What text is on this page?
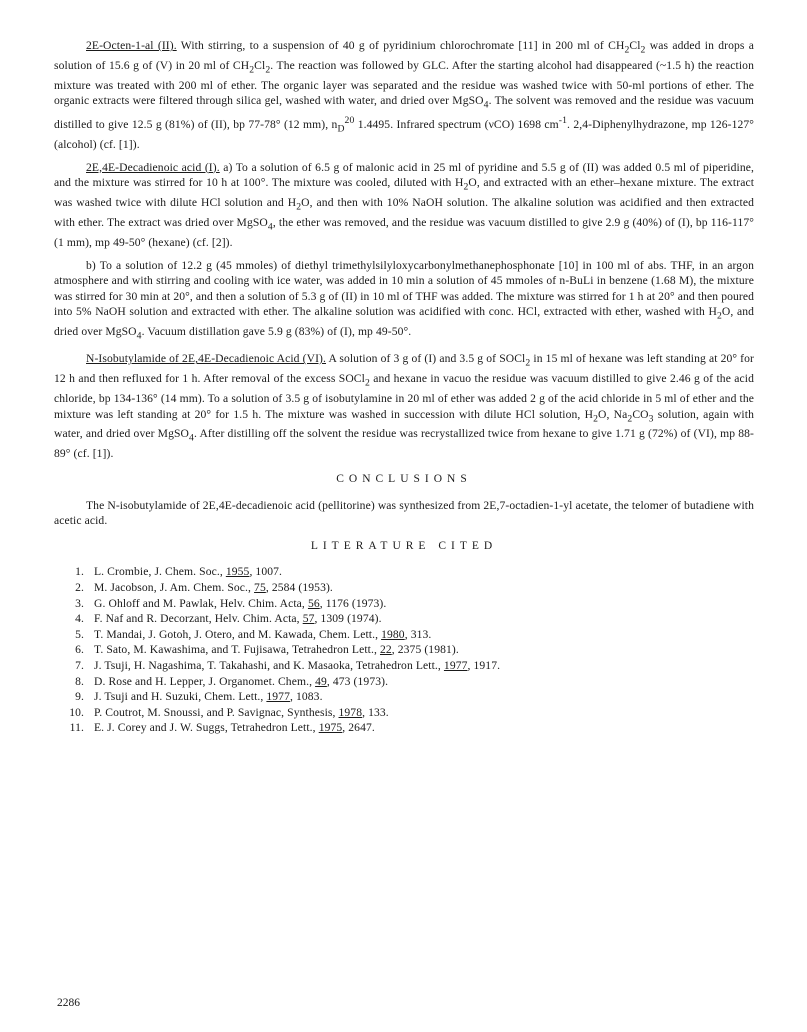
2E-Octen-1-al (II). With stirring, to a suspension of 40 g of pyridinium chlorochromate [11] in 200 ml of $CH_2Cl_2$ was added in drops a solution of 15.6 g of (V) in 20 ml of $CH_2Cl_2$. The reaction was followed by GLC. After the starting alcohol had disappeared (~1.5 h) the reaction mixture was treated with 200 ml of ether. The organic layer was separated and the residue was washed twice with 50-ml portions of ether. The organic extracts were filtered through silica gel, washed with water, and dried over MgSO$_4$. The solvent was removed and the residue was vacuum distilled to give 12.5 g (81%) of (II), bp 77-78° (12 mm), $n_D^{20}$ 1.4495. Infrared spectrum (νCO) 1698 $cm^{-1}$. 2,4-Diphenylhydrazone, mp 126-127° (alcohol) (cf. [1]).

2E,4E-Decadienoic acid (I). a) To a solution of 6.5 g of malonic acid in 25 ml of pyridine and 5.5 g of (II) was added 0.5 ml of piperidine, and the mixture was stirred for 10 h at 100°. The mixture was cooled, diluted with $H_2O$, and extracted with an ether–hexane mixture. The extract was washed twice with dilute HCl solution and $H_2O$, and then with 10% NaOH solution. The alkaline solution was acidified and then extracted with ether. The extract was dried over MgSO$_4$, the ether was removed, and the residue was vacuum distilled to give 2.9 g (40%) of (I), bp 116-117° (1 mm), mp 49-50° (hexane) (cf. [2]).

b) To a solution of 12.2 g (45 mmoles) of diethyl trimethylsilyloxycarbonylmethanephosphonate [10] in 100 ml of abs. THF, in an argon atmosphere and with stirring and cooling with ice water, was added in 10 min a solution of 45 mmoles of n-BuLi in benzene (1.68 M), the mixture was stirred for 30 min at 20°, and then a solution of 5.3 g of (II) in 10 ml of THF was added. The mixture was stirred for 1 h at 20° and then poured into 5% NaOH solution and extracted with ether. The alkaline solution was acidified with conc. HCl, extracted with ether, washed with $H_2O$, and dried over MgSO$_4$. Vacuum distillation gave 5.9 g (83%) of (I), mp 49-50°.

N-Isobutylamide of 2E,4E-Decadienoic Acid (VI). A solution of 3 g of (I) and 3.5 g of SOCl$_2$ in 15 ml of hexane was left standing at 20° for 12 h and then refluxed for 1 h. After removal of the excess SOCl$_2$ and hexane in vacuo the residue was vacuum distilled to give 2.46 g of the acid chloride, bp 134-136° (14 mm). To a solution of 3.5 g of isobutylamine in 20 ml of ether was added 2 g of the acid chloride in 5 ml of ether and the mixture was left standing at 20° for 1.5 h. The mixture was washed in succession with dilute HCl solution, $H_2O$, $Na_2CO_3$ solution, again with water, and dried over MgSO$_4$. After distilling off the solvent the residue was recrystallized twice from hexane to give 1.71 g (72%) of (VI), mp 88-89° (cf. [1]).

CONCLUSIONS

The N-isobutylamide of 2E,4E-decadienoic acid (pellitorine) was synthesized from 2E,7-octadien-1-yl acetate, the telomer of butadiene with acetic acid.

LITERATURE CITED
1. L. Crombie, J. Chem. Soc., 1955, 1007.
2. M. Jacobson, J. Am. Chem. Soc., 75, 2584 (1953).
3. G. Ohloff and M. Pawlak, Helv. Chim. Acta, 56, 1176 (1973).
4. F. Naf and R. Decorzant, Helv. Chim. Acta, 57, 1309 (1974).
5. T. Mandai, J. Gotoh, J. Otero, and M. Kawada, Chem. Lett., 1980, 313.
6. T. Sato, M. Kawashima, and T. Fujisawa, Tetrahedron Lett., 22, 2375 (1981).
7. J. Tsuji, H. Nagashima, T. Takahashi, and K. Masaoka, Tetrahedron Lett., 1977, 1917.
8. D. Rose and H. Lepper, J. Organomet. Chem., 49, 473 (1973).
9. J. Tsuji and H. Suzuki, Chem. Lett., 1977, 1083.
10. P. Coutrot, M. Snoussi, and P. Savignac, Synthesis, 1978, 133.
11. E. J. Corey and J. W. Suggs, Tetrahedron Lett., 1975, 2647.
2286
